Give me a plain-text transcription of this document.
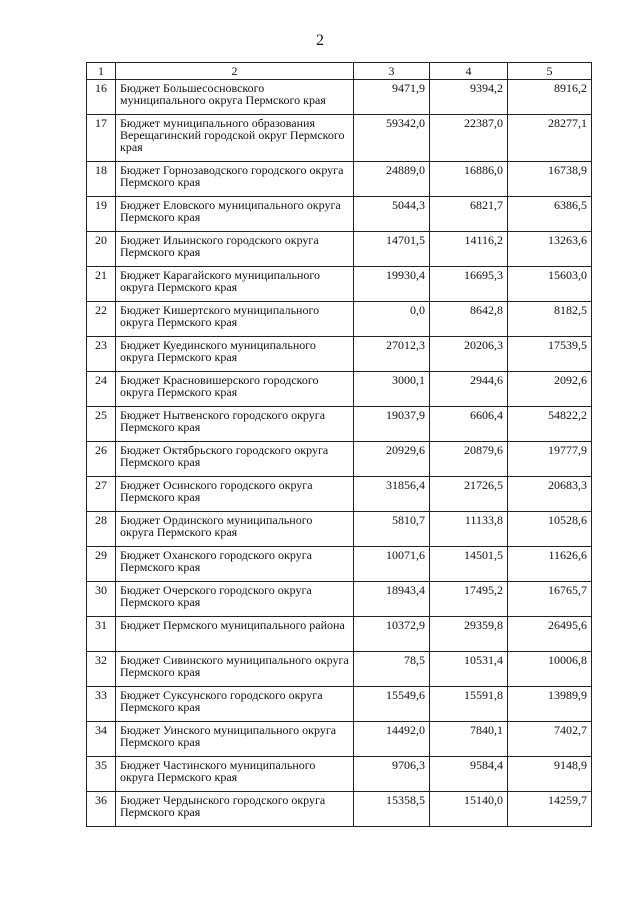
2
1	2	3	4	5
16	Бюджет Большесосновского муниципального округа Пермского края	9471,9	9394,2	8916,2
17	Бюджет муниципального образования Верещагинский городской округ Пермского края	59342,0	22387,0	28277,1
18	Бюджет Горнозаводского городского округа Пермского края	24889,0	16886,0	16738,9
19	Бюджет Еловского муниципального округа Пермского края	5044,3	6821,7	6386,5
20	Бюджет Ильинского городского округа Пермского края	14701,5	14116,2	13263,6
21	Бюджет Карагайского муниципального округа Пермского края	19930,4	16695,3	15603,0
22	Бюджет Кишертского муниципального округа Пермского края	0,0	8642,8	8182,5
23	Бюджет Куединского муниципального округа Пермского края	27012,3	20206,3	17539,5
24	Бюджет Красновишерского городского округа Пермского края	3000,1	2944,6	2092,6
25	Бюджет Нытвенского городского округа Пермского края	19037,9	6606,4	54822,2
26	Бюджет Октябрьского городского округа Пермского края	20929,6	20879,6	19777,9
27	Бюджет Осинского городского округа Пермского края	31856,4	21726,5	20683,3
28	Бюджет Ординского муниципального округа Пермского края	5810,7	11133,8	10528,6
29	Бюджет Оханского городского округа Пермского края	10071,6	14501,5	11626,6
30	Бюджет Очерского городского округа Пермского края	18943,4	17495,2	16765,7
31	Бюджет Пермского муниципального района	10372,9	29359,8	26495,6
32	Бюджет Сивинского муниципального округа Пермского края	78,5	10531,4	10006,8
33	Бюджет Суксунского городского округа Пермского края	15549,6	15591,8	13989,9
34	Бюджет Уинского муниципального округа Пермского края	14492,0	7840,1	7402,7
35	Бюджет Частинского муниципального округа Пермского края	9706,3	9584,4	9148,9
36	Бюджет Чердынского городского округа Пермского края	15358,5	15140,0	14259,7
